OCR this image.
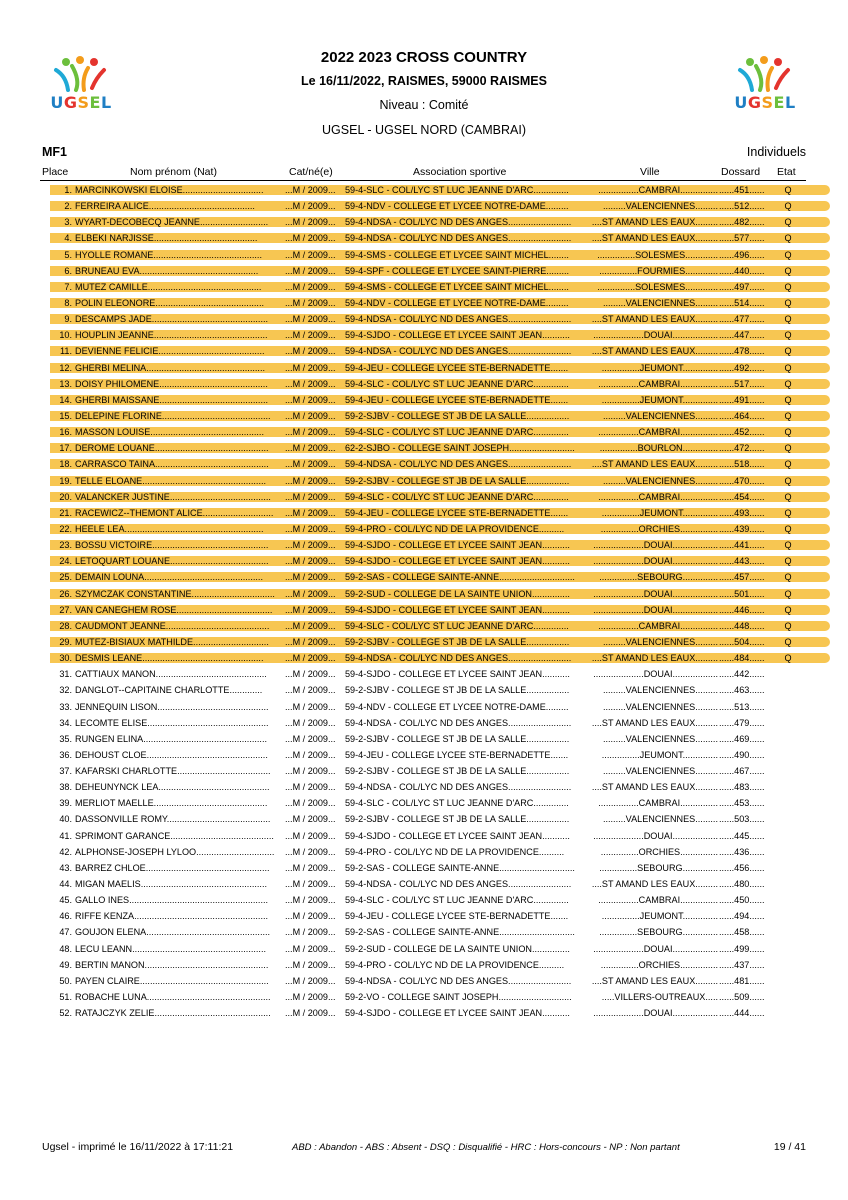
UGSEL	UGSEL
2022 2023 CROSS COUNTRY
Le 16/11/2022, RAISMES, 59000 RAISMES
Niveau : Comité
UGSEL - UGSEL NORD (CAMBRAI)
MF1	Individuels
Place	Nom prénom (Nat)	Cat/né(e)	Association sportive	Ville	Dossard Etat
1. MARCINKOWSKI ELOISE................................	...M / 2009...	59-4-SLC - COL/LYC ST LUC JEANNE D'ARC..............	................CAMBRAI............... ......451......	Q
2. FERREIRA ALICE..........................................	...M / 2009...	59-4-NDV - COLLEGE ET LYCEE NOTRE-DAME.........	.........VALENCIENNES......... ......512......	Q
3. WYART-DECOBECQ JEANNE...........................	...M / 2009...	59-4-NDSA - COL/LYC ND DES ANGES.........................	....ST AMAND LES EAUX......... ......482......	Q
4. ELBEKI NARJISSE.........................................	...M / 2009...	59-4-NDSA - COL/LYC ND DES ANGES.........................	....ST AMAND LES EAUX......... ......577......	Q
5. HYOLLE ROMANE...........................................	...M / 2009...	59-4-SMS - COLLEGE ET LYCEE SAINT MICHEL........	...............SOLESMES............. ......496......	Q
6. BRUNEAU EVA...............................................	...M / 2009...	59-4-SPF - COLLEGE ET LYCEE SAINT-PIERRE.........	...............FOURMIES............. ......440......	Q
7. MUTEZ CAMILLE.............................................	...M / 2009...	59-4-SMS - COLLEGE ET LYCEE SAINT MICHEL........	...............SOLESMES............. ......497......	Q
8. POLIN ELEONORE...........................................	...M / 2009...	59-4-NDV - COLLEGE ET LYCEE NOTRE-DAME.........	.........VALENCIENNES......... ......514......	Q
9. DESCAMPS JADE..............................................	...M / 2009...	59-4-NDSA - COL/LYC ND DES ANGES.........................	....ST AMAND LES EAUX......... ......477......	Q
10. HOUPLIN JEANNE.............................................	...M / 2009...	59-4-SJDO - COLLEGE ET LYCEE SAINT JEAN...........	....................DOUAI.................. ......447......	Q
11. DEVIENNE FELICIE..........................................	...M / 2009...	59-4-NDSA - COL/LYC ND DES ANGES.........................	....ST AMAND LES EAUX......... ......478......	Q
12. GHERBI MELINA...............................................	...M / 2009...	59-4-JEU - COLLEGE LYCEE STE-BERNADETTE.......	...............JEUMONT.............. ......492......	Q
13. DOISY PHILOMENE...........................................	...M / 2009...	59-4-SLC - COL/LYC ST LUC JEANNE D'ARC..............	................CAMBRAI............... ......517......	Q
14. GHERBI MAISSANE...........................................	...M / 2009...	59-4-JEU - COLLEGE LYCEE STE-BERNADETTE.......	...............JEUMONT.............. ......491......	Q
15. DELEPINE FLORINE...........................................	...M / 2009...	59-2-SJBV - COLLEGE ST JB DE LA SALLE.................	.........VALENCIENNES......... ......464......	Q
16. MASSON LOUISE.............................................	...M / 2009...	59-4-SLC - COL/LYC ST LUC JEANNE D'ARC..............	................CAMBRAI............... ......452......	Q
17. DEROME LOUANE.............................................	...M / 2009...	62-2-SJBO - COLLEGE SAINT JOSEPH..........................	...............BOURLON.............. ......472......	Q
18. CARRASCO TAINA.............................................	...M / 2009...	59-4-NDSA - COL/LYC ND DES ANGES.........................	....ST AMAND LES EAUX......... ......518......	Q
19. TELLE ELOANE.................................................	...M / 2009...	59-2-SJBV - COLLEGE ST JB DE LA SALLE.................	.........VALENCIENNES......... ......470......	Q
20. VALANCKER JUSTINE........................................	...M / 2009...	59-4-SLC - COL/LYC ST LUC JEANNE D'ARC..............	................CAMBRAI............... ......454......	Q
21. RACEWICZ--THEMONT ALICE............................	...M / 2009...	59-4-JEU - COLLEGE LYCEE STE-BERNADETTE.......	...............JEUMONT.............. ......493......	Q
22. HEELE LEA.......................................................	...M / 2009...	59-4-PRO - COL/LYC ND DE LA PROVIDENCE..........	...............ORCHIES............... ......439......	Q
23. BOSSU VICTOIRE..............................................	...M / 2009...	59-4-SJDO - COLLEGE ET LYCEE SAINT JEAN...........	....................DOUAI.................. ......441......	Q
24. LETOQUART LOUANE.......................................	...M / 2009...	59-4-SJDO - COLLEGE ET LYCEE SAINT JEAN...........	....................DOUAI.................. ......443......	Q
25. DEMAIN LOUNA...............................................	...M / 2009...	59-2-SAS - COLLEGE SAINTE-ANNE..............................	...............SEBOURG.............. ......457......	Q
26. SZYMCZAK CONSTANTINE.................................	...M / 2009...	59-2-SUD - COLLEGE DE LA SAINTE UNION...............	....................DOUAI.................. ......501......	Q
27. VAN CANEGHEM ROSE......................................	...M / 2009...	59-4-SJDO - COLLEGE ET LYCEE SAINT JEAN...........	....................DOUAI.................. ......446......	Q
28. CAUDMONT JEANNE.........................................	...M / 2009...	59-4-SLC - COL/LYC ST LUC JEANNE D'ARC..............	................CAMBRAI............... ......448......	Q
29. MUTEZ-BISIAUX MATHILDE..............................	...M / 2009...	59-2-SJBV - COLLEGE ST JB DE LA SALLE.................	.........VALENCIENNES......... ......504......	Q
30. DESMIS LEANE................................................	...M / 2009...	59-4-NDSA - COL/LYC ND DES ANGES.........................	....ST AMAND LES EAUX......... ......484......	Q
31. CATTIAUX MANON............................................	...M / 2009...	59-4-SJDO - COLLEGE ET LYCEE SAINT JEAN...........	....................DOUAI.................. ......442......
32. DANGLOT--CAPITAINE CHARLOTTE.............	...M / 2009...	59-2-SJBV - COLLEGE ST JB DE LA SALLE.................	.........VALENCIENNES......... ......463......
33. JENNEQUIN LISON............................................	...M / 2009...	59-4-NDV - COLLEGE ET LYCEE NOTRE-DAME.........	.........VALENCIENNES......... ......513......
34. LECOMTE ELISE................................................	...M / 2009...	59-4-NDSA - COL/LYC ND DES ANGES.........................	....ST AMAND LES EAUX......... ......479......
35. RUNGEN ELINA.................................................	...M / 2009...	59-2-SJBV - COLLEGE ST JB DE LA SALLE.................	.........VALENCIENNES......... ......469......
36. DEHOUST CLOE................................................	...M / 2009...	59-4-JEU - COLLEGE LYCEE STE-BERNADETTE.......	...............JEUMONT.............. ......490......
37. KAFARSKI CHARLOTTE.....................................	...M / 2009...	59-2-SJBV - COLLEGE ST JB DE LA SALLE.................	.........VALENCIENNES......... ......467......
38. DEHEUNYNCK LEA............................................	...M / 2009...	59-4-NDSA - COL/LYC ND DES ANGES.........................	....ST AMAND LES EAUX......... ......483......
39. MERLIOT MAELLE.............................................	...M / 2009...	59-4-SLC - COL/LYC ST LUC JEANNE D'ARC..............	................CAMBRAI............... ......453......
40. DASSONVILLE ROMY.........................................	...M / 2009...	59-2-SJBV - COLLEGE ST JB DE LA SALLE.................	.........VALENCIENNES......... ......503......
41. SPRIMONT GARANCE.........................................	...M / 2009...	59-4-SJDO - COLLEGE ET LYCEE SAINT JEAN...........	....................DOUAI.................. ......445......
42. ALPHONSE-JOSEPH LYLOO...............................	...M / 2009...	59-4-PRO - COL/LYC ND DE LA PROVIDENCE..........	...............ORCHIES............... ......436......
43. BARREZ CHLOE.................................................	...M / 2009...	59-2-SAS - COLLEGE SAINTE-ANNE..............................	...............SEBOURG.............. ......456......
44. MIGAN MAELIS..................................................	...M / 2009...	59-4-NDSA - COL/LYC ND DES ANGES.........................	....ST AMAND LES EAUX......... ......480......
45. GALLO INES.......................................................	...M / 2009...	59-4-SLC - COL/LYC ST LUC JEANNE D'ARC..............	................CAMBRAI............... ......450......
46. RIFFE KENZA.....................................................	...M / 2009...	59-4-JEU - COLLEGE LYCEE STE-BERNADETTE.......	...............JEUMONT.............. ......494......
47. GOUJON ELENA.................................................	...M / 2009...	59-2-SAS - COLLEGE SAINTE-ANNE..............................	...............SEBOURG.............. ......458......
48. LECU LEANN.....................................................	...M / 2009...	59-2-SUD - COLLEGE DE LA SAINTE UNION...............	....................DOUAI.................. ......499......
49. BERTIN MANON.................................................	...M / 2009...	59-4-PRO - COL/LYC ND DE LA PROVIDENCE..........	...............ORCHIES............... ......437......
50. PAYEN CLAIRE...................................................	...M / 2009...	59-4-NDSA - COL/LYC ND DES ANGES.........................	....ST AMAND LES EAUX......... ......481......
51. ROBACHE LUNA.................................................	...M / 2009...	59-2-VO - COLLEGE SAINT JOSEPH.............................	.....VILLERS-OUTREAUX..... ......509......
52. RATAJCZYK ZELIE..............................................	...M / 2009...	59-4-SJDO - COLLEGE ET LYCEE SAINT JEAN...........	....................DOUAI.................. ......444......
Ugsel - imprimé le 16/11/2022 à 17:11:21	ABD : Abandon - ABS : Absent - DSQ : Disqualifié - HRC : Hors-concours - NP : Non partant	19 / 41
